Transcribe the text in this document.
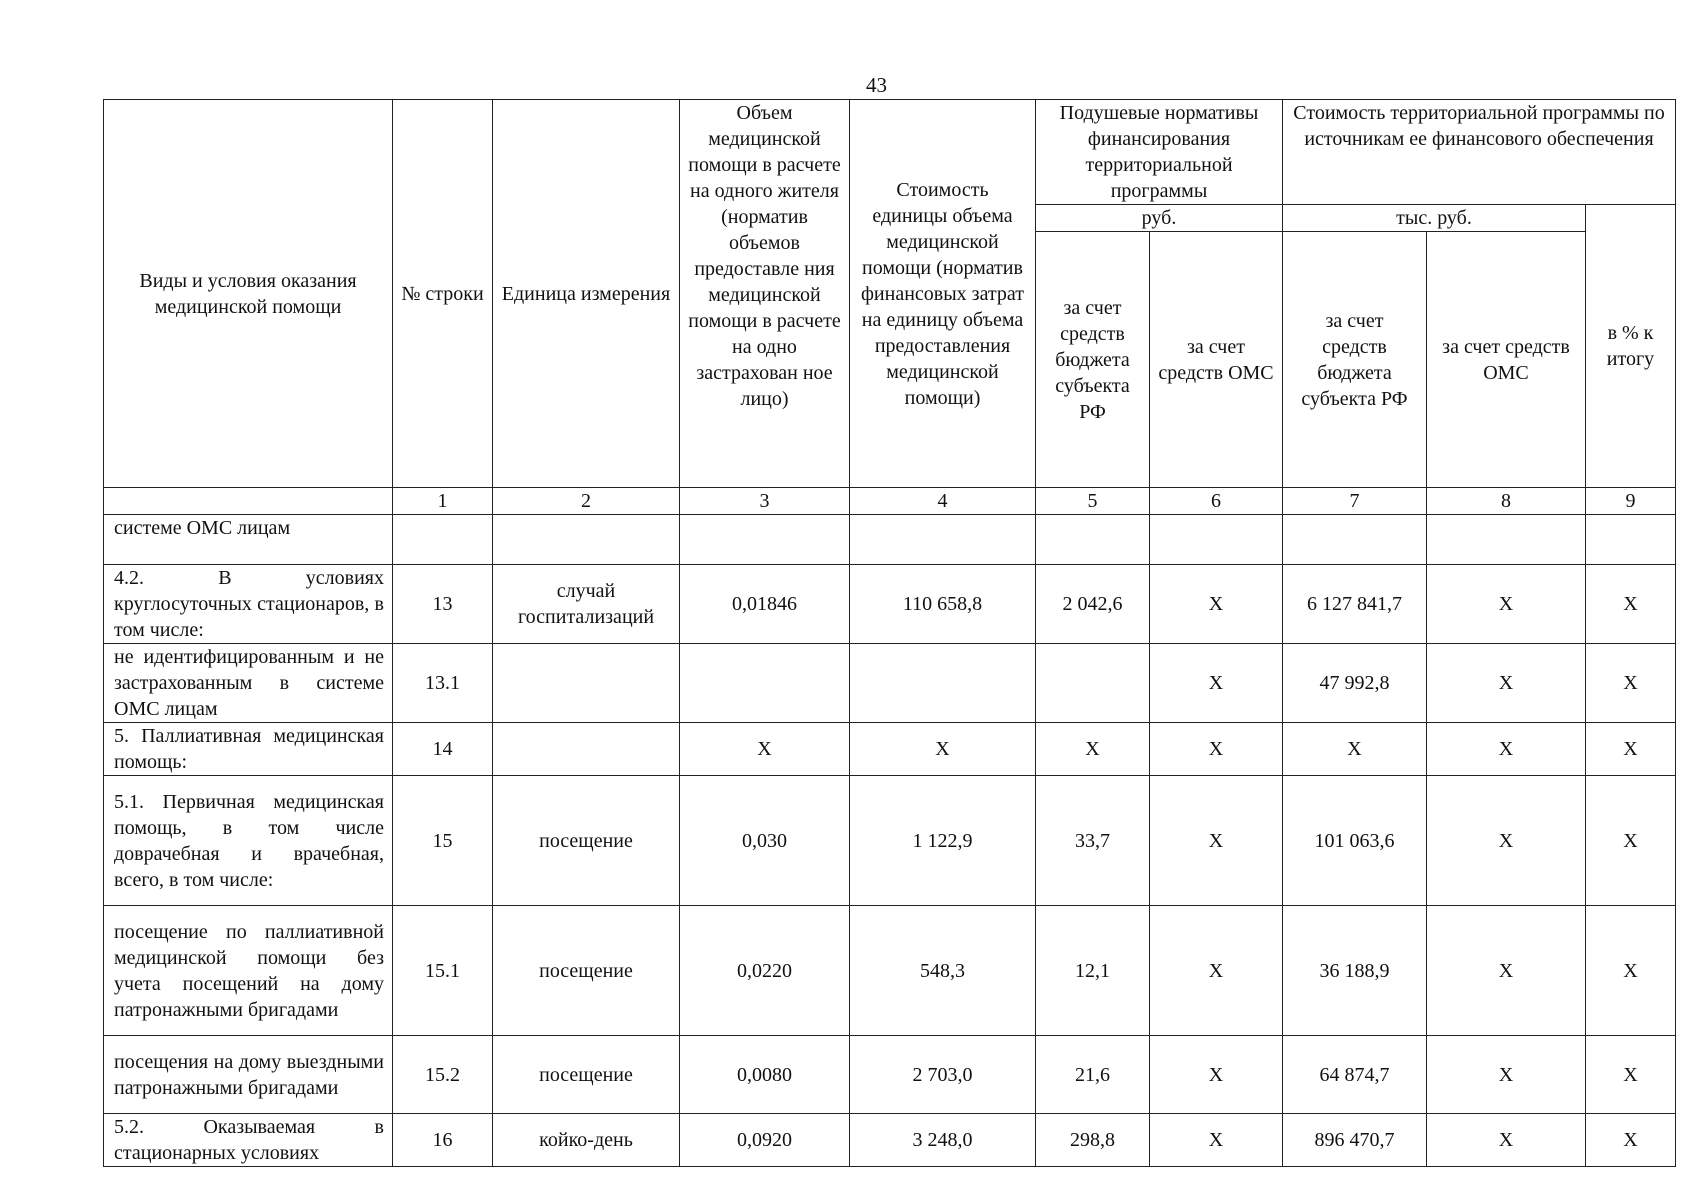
43
Виды и условия оказания медицинской помощи	№ строки	Единица измерения	Объем медицинской помощи в расчете на одного жителя (норматив объемов предоставле ния медицинской помощи в расчете на одно застрахован ное лицо)	Стоимость единицы объема медицинской помощи (норматив финансовых затрат на единицу объема предоставления медицинской помощи)	Подушевые нормативы финансирования территориальной программы		Стоимость территориальной программы по источникам ее финансового обеспечения		
					руб.		тыс. руб.		в % к итогу
					за счет средств бюджета субъекта РФ	за счет средств ОМС	за счет средств бюджета субъекта РФ	за счет средств ОМС	
	1	2	3	4	5	6	7	8	9
системе ОМС лицам									
4.2. В условиях круглосуточных стационаров, в том числе:	13	случай госпитализаций	0,01846	110 658,8	2 042,6	Х	6 127 841,7	Х	Х
не идентифицированным и не застрахованным в системе ОМС лицам	13.1					Х	47 992,8	Х	Х
5. Паллиативная медицинская помощь:	14		Х	Х	Х	Х	Х	Х	Х
5.1. Первичная медицинская помощь, в том числе доврачебная и врачебная, всего, в том числе:	15	посещение	0,030	1 122,9	33,7	Х	101 063,6	Х	Х
посещение по паллиативной медицинской помощи без учета посещений на дому патронажными бригадами	15.1	посещение	0,0220	548,3	12,1	Х	36 188,9	Х	Х
посещения на дому выездными патронажными бригадами	15.2	посещение	0,0080	2 703,0	21,6	Х	64 874,7	Х	Х
5.2. Оказываемая в стационарных условиях	16	койко-день	0,0920	3 248,0	298,8	Х	896 470,7	Х	Х
